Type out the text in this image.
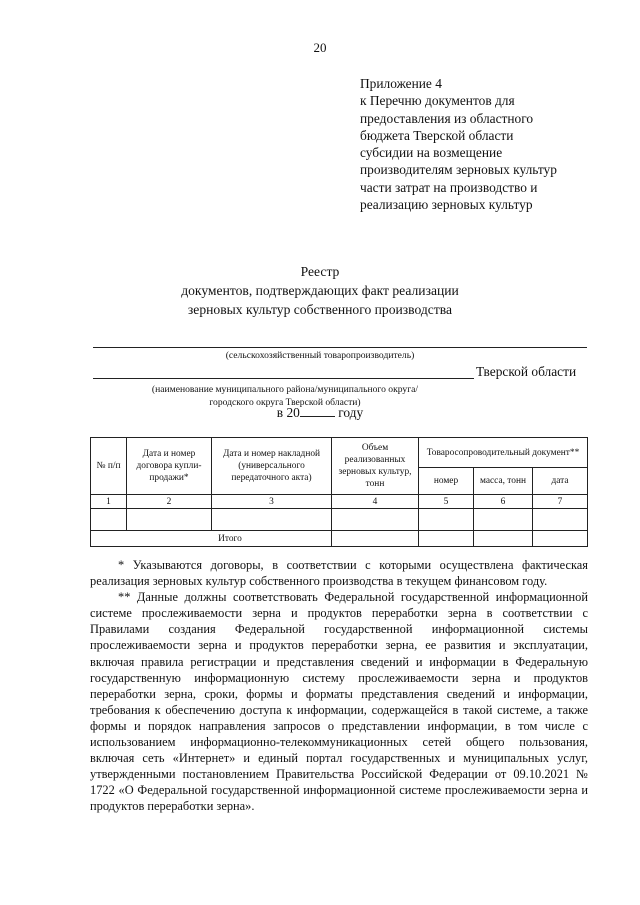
20
Приложение 4
к Перечню документов для
предоставления из областного
бюджета Тверской области
субсидии на возмещение
производителям зерновых культур
части затрат на производство и
реализацию зерновых культур
Реестр
документов, подтверждающих факт реализации
зерновых культур собственного производства
(сельскохозяйственный товаропроизводитель)
Тверской области
(наименование муниципального района/муниципального округа/
городского округа Тверской области)
в 20	году
№ п/п	Дата и номер договора купли-продажи*	Дата и номер накладной (универсального передаточного акта)	Объем реализованных зерновых культур, тонн	Товаросопроводительный документ**		
				номер	масса, тонн	дата
1	2	3	4	5	6	7

Итого						

* Указываются договоры, в соответствии с которыми осуществлена фактическая реализация зерновых культур собственного производства в текущем финансовом году.

** Данные должны соответствовать Федеральной государственной информационной системе прослеживаемости зерна и продуктов переработки зерна в соответствии с Правилами создания Федеральной государственной информационной системы прослеживаемости зерна и продуктов переработки зерна, ее развития и эксплуатации, включая правила регистрации и представления сведений и информации в Федеральную государственную информационную систему прослеживаемости зерна и продуктов переработки зерна, сроки, формы и форматы представления сведений и информации, требования к обеспечению доступа к информации, содержащейся в такой системе, а также формы и порядок направления запросов о представлении информации, в том числе с использованием информационно-телекоммуникационных сетей общего пользования, включая сеть «Интернет» и единый портал государственных и муниципальных услуг, утвержденными постановлением Правительства Российской Федерации от 09.10.2021 № 1722 «О Федеральной государственной информационной системе прослеживаемости зерна и продуктов переработки зерна».
